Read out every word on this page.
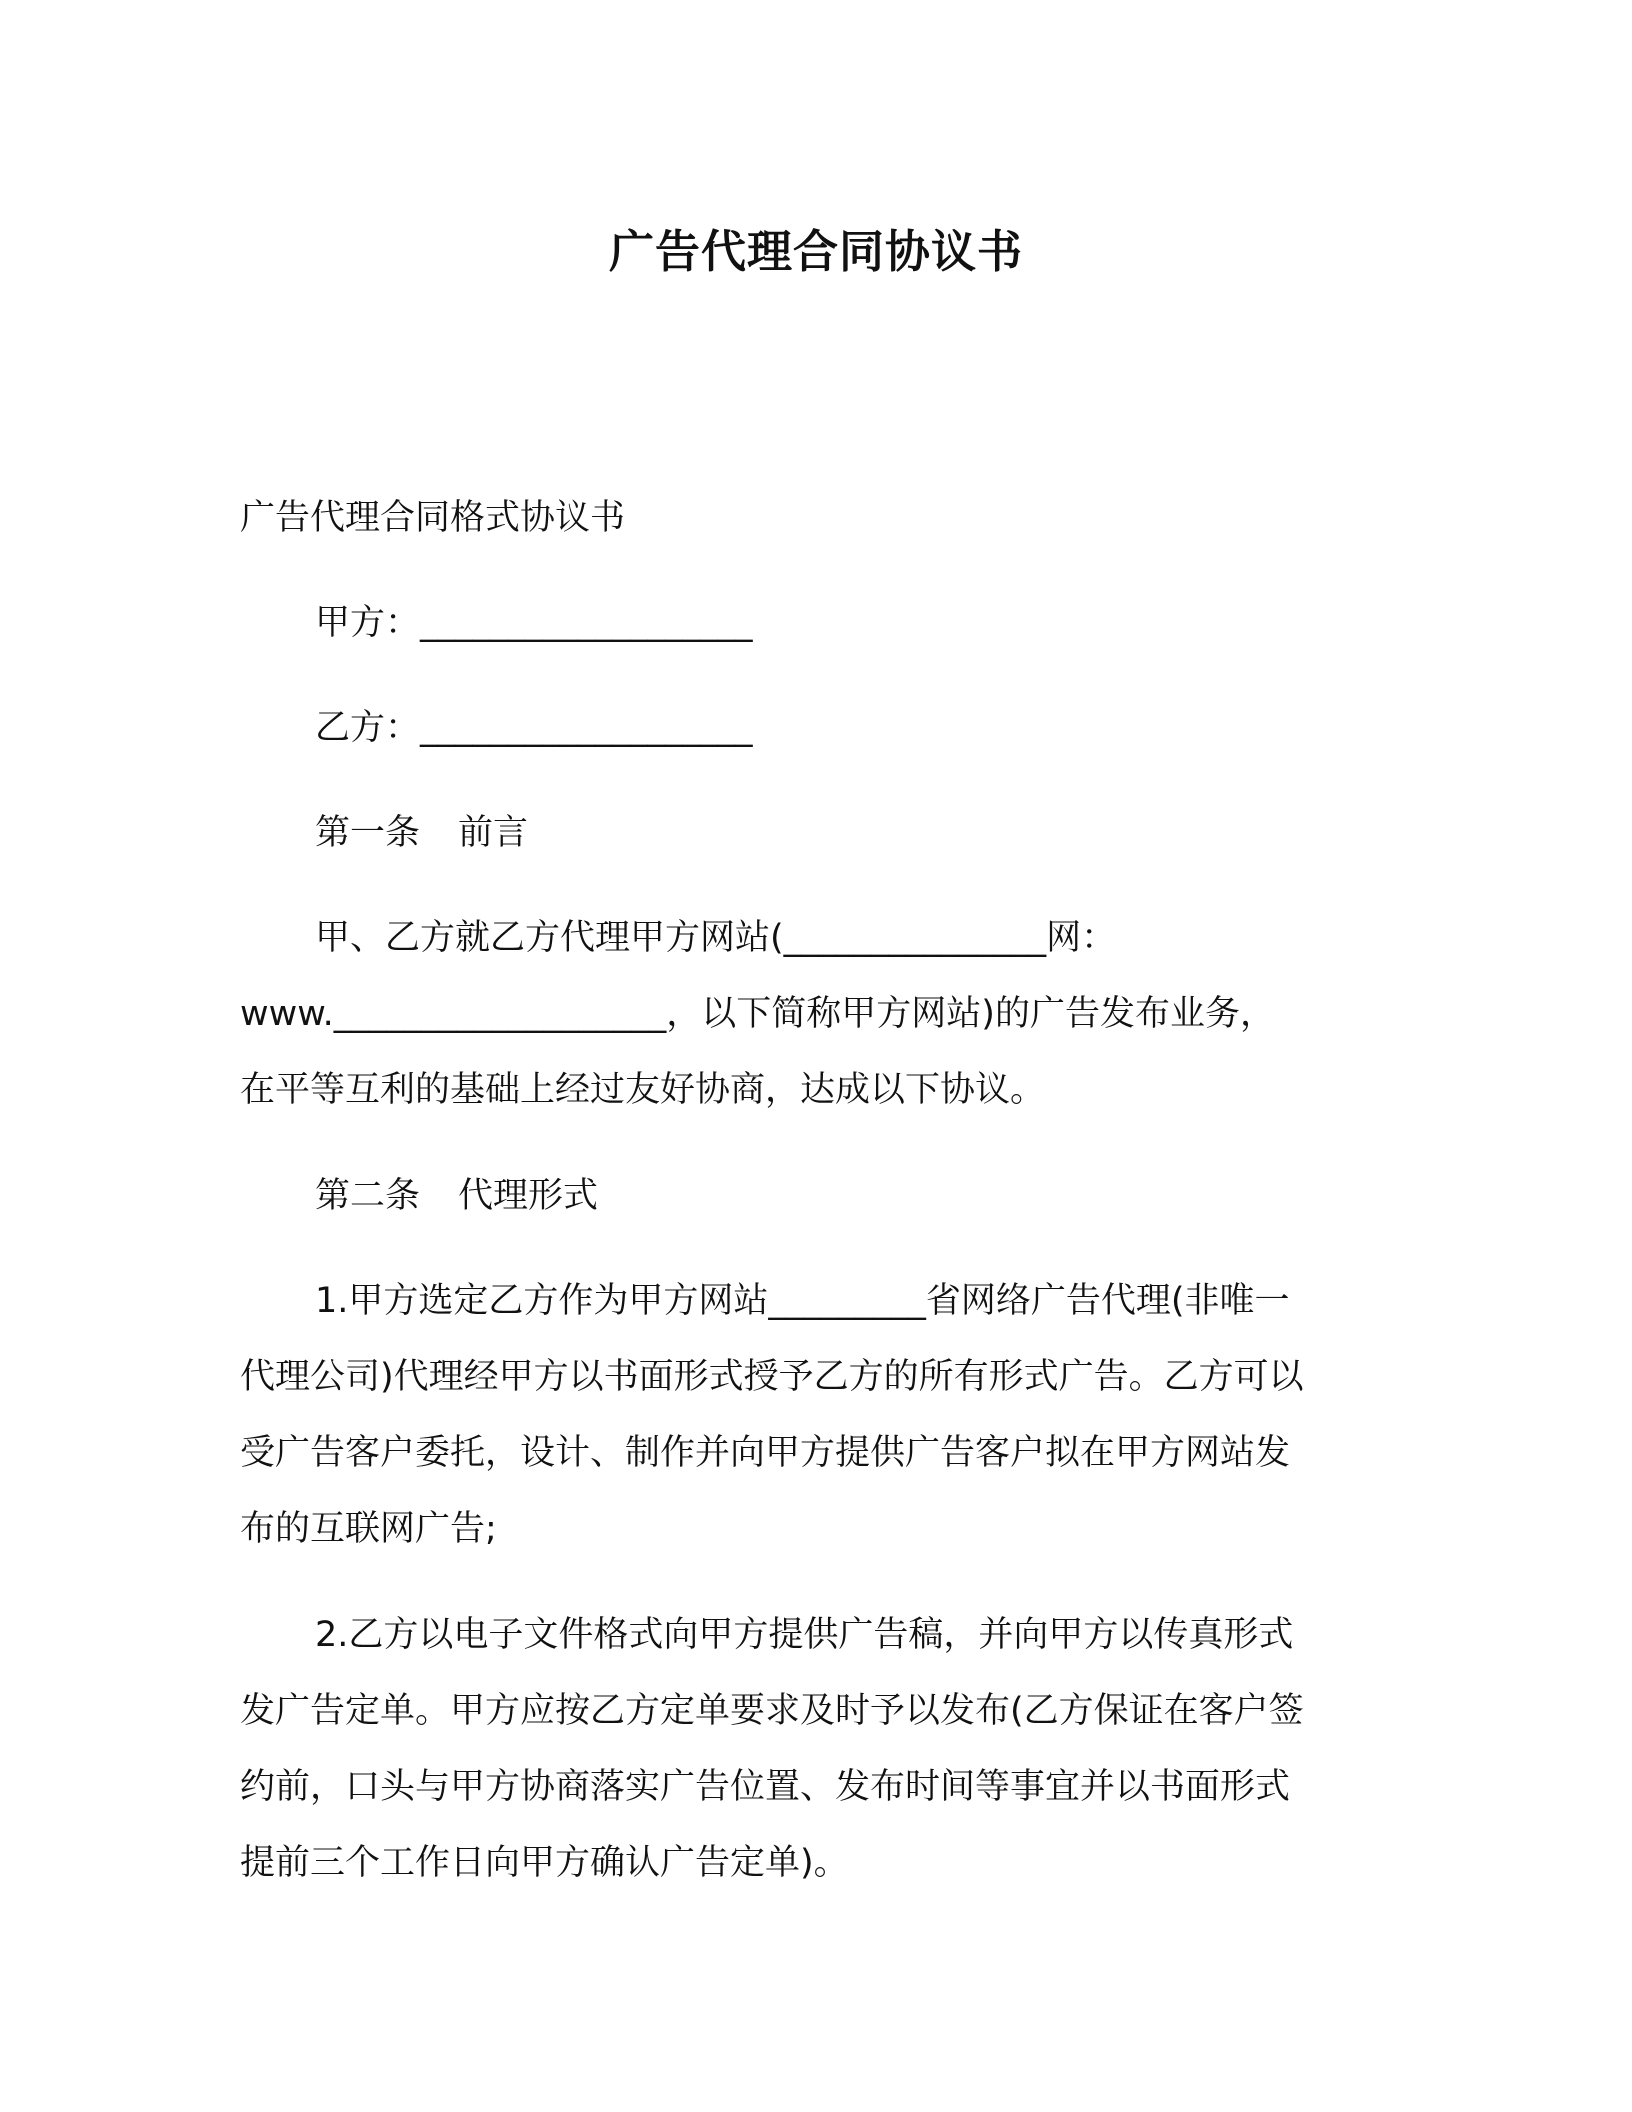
广告代理合同协议书
广告代理合同格式协议书
甲方：___________________
乙方：___________________
第一条 前言
甲、乙方就乙方代理甲方网站(_______________网：
www.___________________，以下简称甲方网站)的广告发布业务，
在平等互利的基础上经过友好协商，达成以下协议。
第二条 代理形式
1.甲方选定乙方作为甲方网站_________省网络广告代理(非唯一
代理公司)代理经甲方以书面形式授予乙方的所有形式广告。乙方可以
受广告客户委托，设计、制作并向甲方提供广告客户拟在甲方网站发
布的互联网广告;
2.乙方以电子文件格式向甲方提供广告稿，并向甲方以传真形式
发广告定单。甲方应按乙方定单要求及时予以发布(乙方保证在客户签
约前，口头与甲方协商落实广告位置、发布时间等事宜并以书面形式
提前三个工作日向甲方确认广告定单)。
